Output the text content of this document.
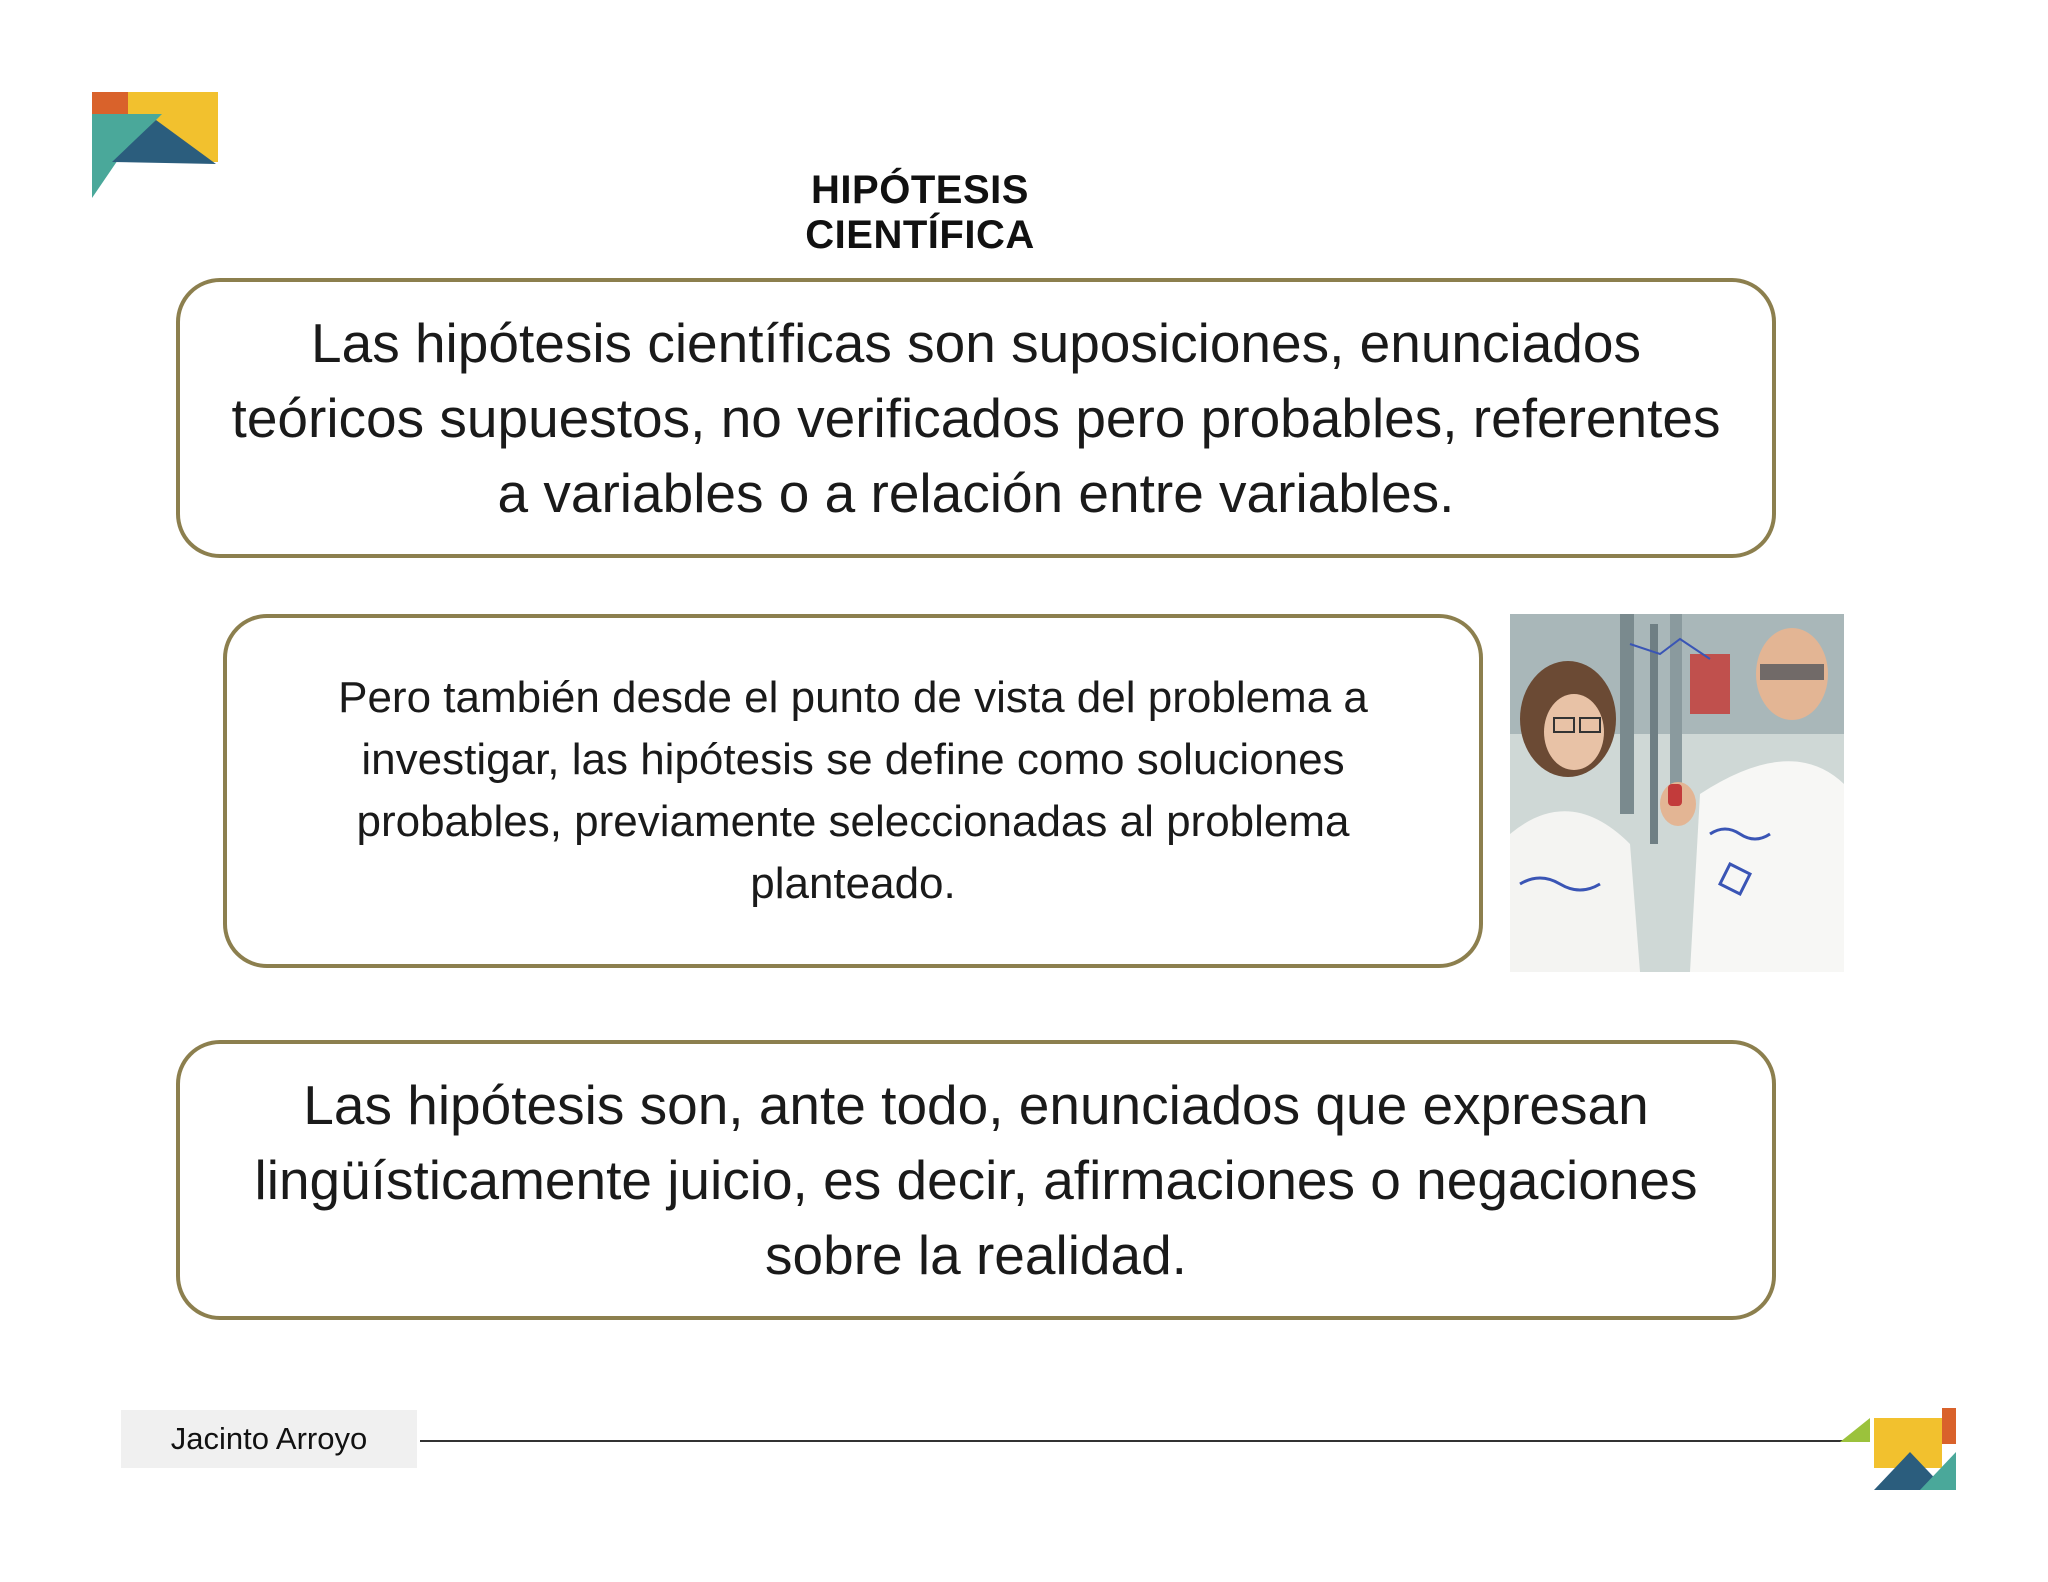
HIPÓTESIS CIENTÍFICA
Las hipótesis científicas son suposiciones, enunciados teóricos supuestos, no verificados pero probables, referentes a variables o a relación entre variables.
Pero también desde el punto de vista del problema a investigar, las hipótesis se define como soluciones probables, previamente seleccionadas al problema planteado.
Las hipótesis son, ante todo, enunciados que expresan lingüísticamente juicio, es decir, afirmaciones o negaciones sobre la realidad.
Jacinto Arroyo
